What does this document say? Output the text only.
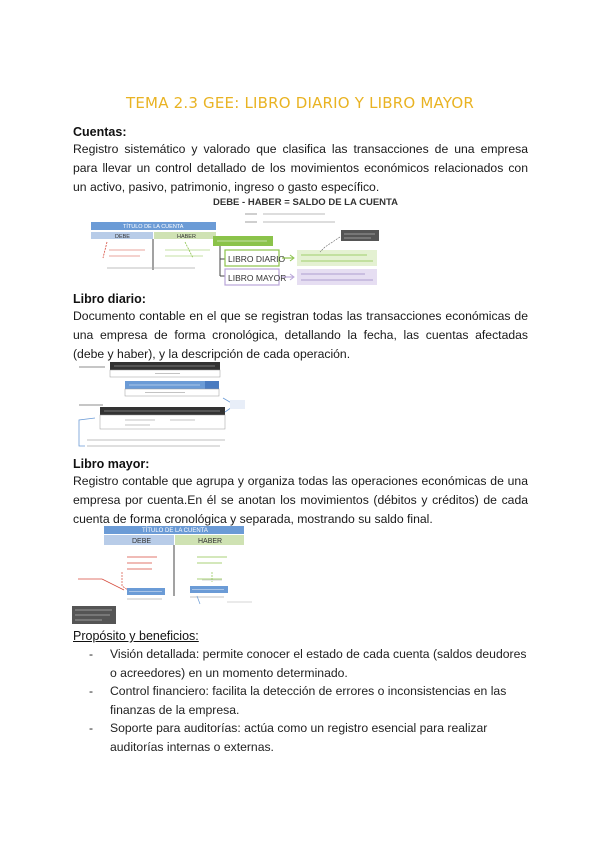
TEMA 2.3 GEE: LIBRO DIARIO Y LIBRO MAYOR
Cuentas:
Registro sistemático y valorado que clasifica las transacciones de una empresa para llevar un control detallado de los movimientos económicos relacionados con un activo, pasivo, patrimonio, ingreso o gasto específico.
DEBE - HABER = SALDO DE LA CUENTA
TÍTULO DE LA CUENTA
DEBE	HABER
LIBRO DIARIO
LIBRO MAYOR
Libro diario:
Documento contable en el que se registran todas las transacciones económicas de una empresa de forma cronológica, detallando la fecha, las cuentas afectadas (debe y haber), y la descripción de cada operación.
Libro mayor:
Registro contable que agrupa y organiza todas las operaciones económicas de una empresa por cuenta.En él se anotan los movimientos (débitos y créditos) de cada cuenta de forma cronológica y separada, mostrando su saldo final.
TÍTULO DE LA CUENTA
DEBE	HABER
Propósito y beneficios:
- Visión detallada: permite conocer el estado de cada cuenta (saldos deudores o acreedores) en un momento determinado.
- Control financiero: facilita la detección de errores o inconsistencias en las finanzas de la empresa.
- Soporte para auditorías: actúa como un registro esencial para realizar auditorías internas o externas.
